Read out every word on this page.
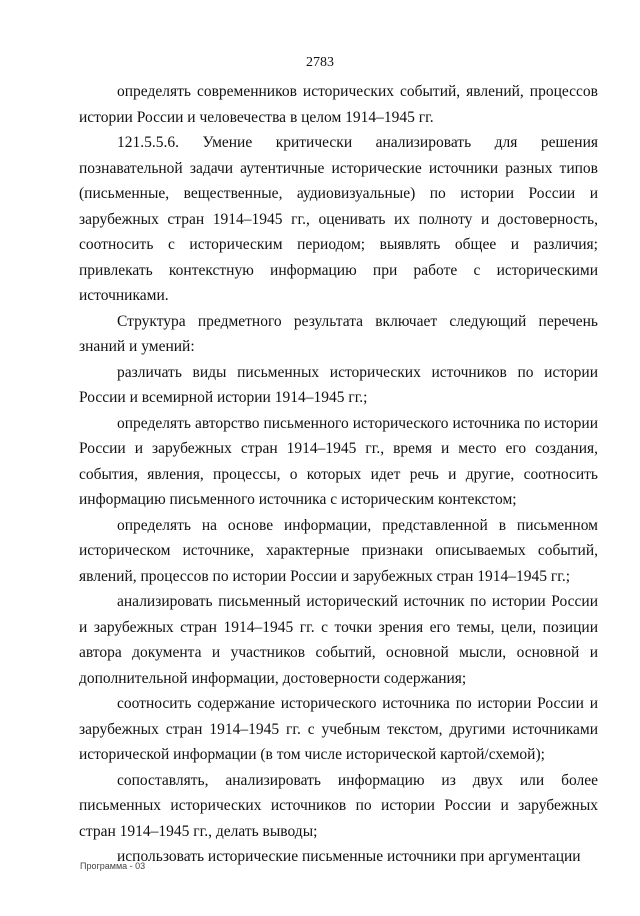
2783

определять современников исторических событий, явлений, процессов истории России и человечества в целом 1914–1945 гг.

121.5.5.6. Умение критически анализировать для решения познавательной задачи аутентичные исторические источники разных типов (письменные, вещественные, аудиовизуальные) по истории России и зарубежных стран 1914–1945 гг., оценивать их полноту и достоверность, соотносить с историческим периодом; выявлять общее и различия; привлекать контекстную информацию при работе с историческими источниками.

Структура предметного результата включает следующий перечень знаний и умений:

различать виды письменных исторических источников по истории России и всемирной истории 1914–1945 гг.;

определять авторство письменного исторического источника по истории России и зарубежных стран 1914–1945 гг., время и место его создания, события, явления, процессы, о которых идет речь и другие, соотносить информацию письменного источника с историческим контекстом;

определять на основе информации, представленной в письменном историческом источнике, характерные признаки описываемых событий, явлений, процессов по истории России и зарубежных стран 1914–1945 гг.;

анализировать письменный исторический источник по истории России и зарубежных стран 1914–1945 гг. с точки зрения его темы, цели, позиции автора документа и участников событий, основной мысли, основной и дополнительной информации, достоверности содержания;

соотносить содержание исторического источника по истории России и зарубежных стран 1914–1945 гг. с учебным текстом, другими источниками исторической информации (в том числе исторической картой/схемой);

сопоставлять, анализировать информацию из двух или более письменных исторических источников по истории России и зарубежных стран 1914–1945 гг., делать выводы;

использовать исторические письменные источники при аргументации

Программа - 03
